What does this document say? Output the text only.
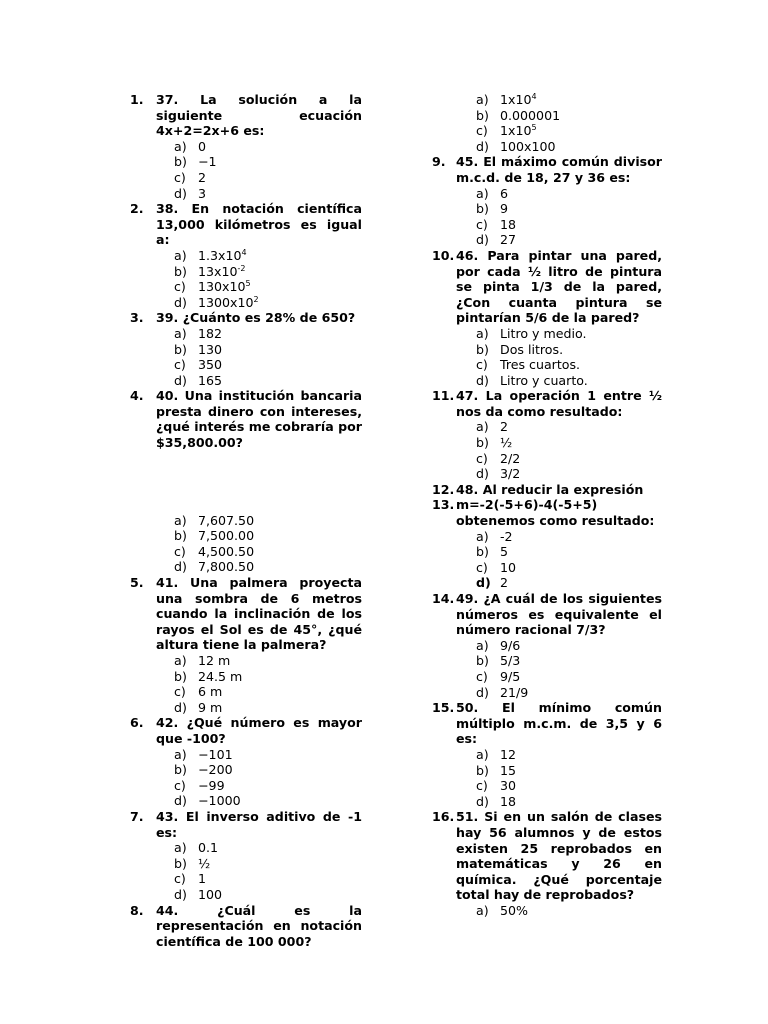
1. 37. La solución a la siguiente ecuación 4x+2=2x+6 es:
a) 0
b) −1
c) 2
d) 3
2. 38. En notación científica 13,000 kilómetros es igual a:
a) $1.3x10^4$
b) $13x10^{-2}$
c) $130x10^5$
d) $1300x10^2$
3. 39. ¿Cuánto es 28% de 650?
a) 182
b) 130
c) 350
d) 165
4. 40. Una institución bancaria presta dinero con intereses, ¿qué interés me cobraría por $35,800.00?
a) 7,607.50
b) 7,500.00
c) 4,500.50
d) 7,800.50
5. 41. Una palmera proyecta una sombra de 6 metros cuando la inclinación de los rayos el Sol es de 45°, ¿qué altura tiene la palmera?
a) 12 m
b) 24.5 m
c) 6 m
d) 9 m
6. 42. ¿Qué número es mayor que -100?
a) −101
b) −200
c) −99
d) −1000
7. 43. El inverso aditivo de -1 es:
a) 0.1
b) ½
c) 1
d) 100
8. 44. ¿Cuál es la representación en notación científica de 100 000?
a) $1x10^4$
b) 0.000001
c) $1x10^5$
d) 100x100
9. 45. El máximo común divisor m.c.d. de 18, 27 y 36 es:
a) 6
b) 9
c) 18
d) 27
10. 46. Para pintar una pared, por cada ½ litro de pintura se pinta 1/3 de la pared, ¿Con cuanta pintura se pintarían 5/6 de la pared?
a) Litro y medio.
b) Dos litros.
c) Tres cuartos.
d) Litro y cuarto.
11. 47. La operación 1 entre ½ nos da como resultado:
a) 2
b) ½
c) 2/2
d) 3/2
12. 48. Al reducir la expresión
13. m=-2(-5+6)-4(-5+5) obtenemos como resultado:
a) -2
b) 5
c) 10
d) 2
14. 49. ¿A cuál de los siguientes números es equivalente el número racional 7/3?
a) 9/6
b) 5/3
c) 9/5
d) 21/9
15. 50. El mínimo común múltiplo m.c.m. de 3,5 y 6 es:
a) 12
b) 15
c) 30
d) 18
16. 51. Si en un salón de clases hay 56 alumnos y de estos existen 25 reprobados en matemáticas y 26 en química. ¿Qué porcentaje total hay de reprobados?
a) 50%
